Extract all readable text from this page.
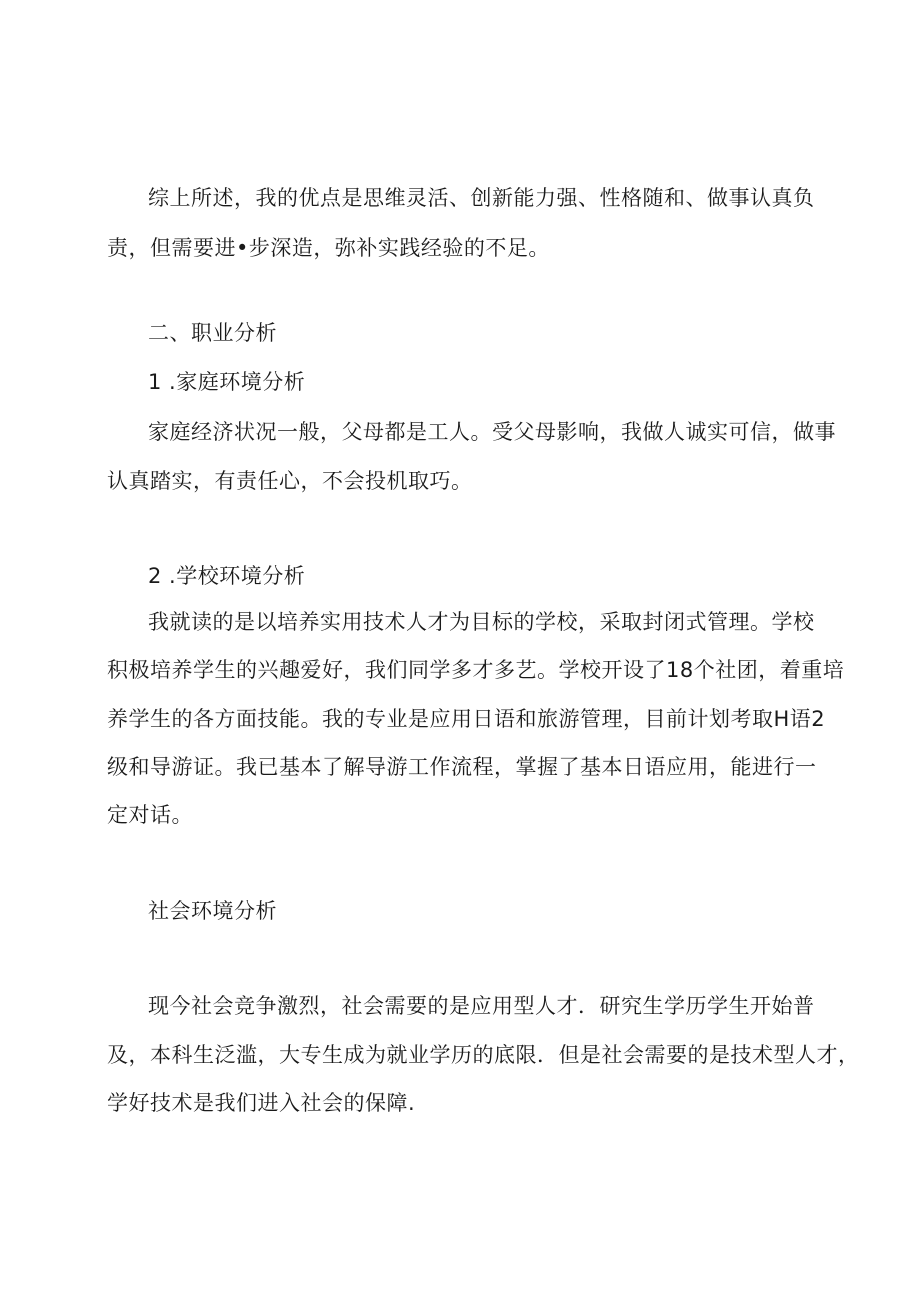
综上所述，我的优点是思维灵活、创新能力强、性格随和、做事认真负
责，但需要进•步深造，弥补实践经验的不足。
二、职业分析
1 .家庭环境分析
家庭经济状况一般，父母都是工人。受父母影响，我做人诚实可信，做事
认真踏实，有责任心，不会投机取巧。
2 .学校环境分析
我就读的是以培养实用技术人才为目标的学校，采取封闭式管理。学校
积极培养学生的兴趣爱好，我们同学多才多艺。学校开设了18个社团，着重培
养学生的各方面技能。我的专业是应用日语和旅游管理，目前计划考取H语2
级和导游证。我已基本了解导游工作流程，掌握了基本日语应用，能进行一
定对话。
社会环境分析
现今社会竞争激烈，社会需要的是应用型人才．研究生学历学生开始普
及，本科生泛滥，大专生成为就业学历的底限．但是社会需要的是技术型人才，
学好技术是我们进入社会的保障.
